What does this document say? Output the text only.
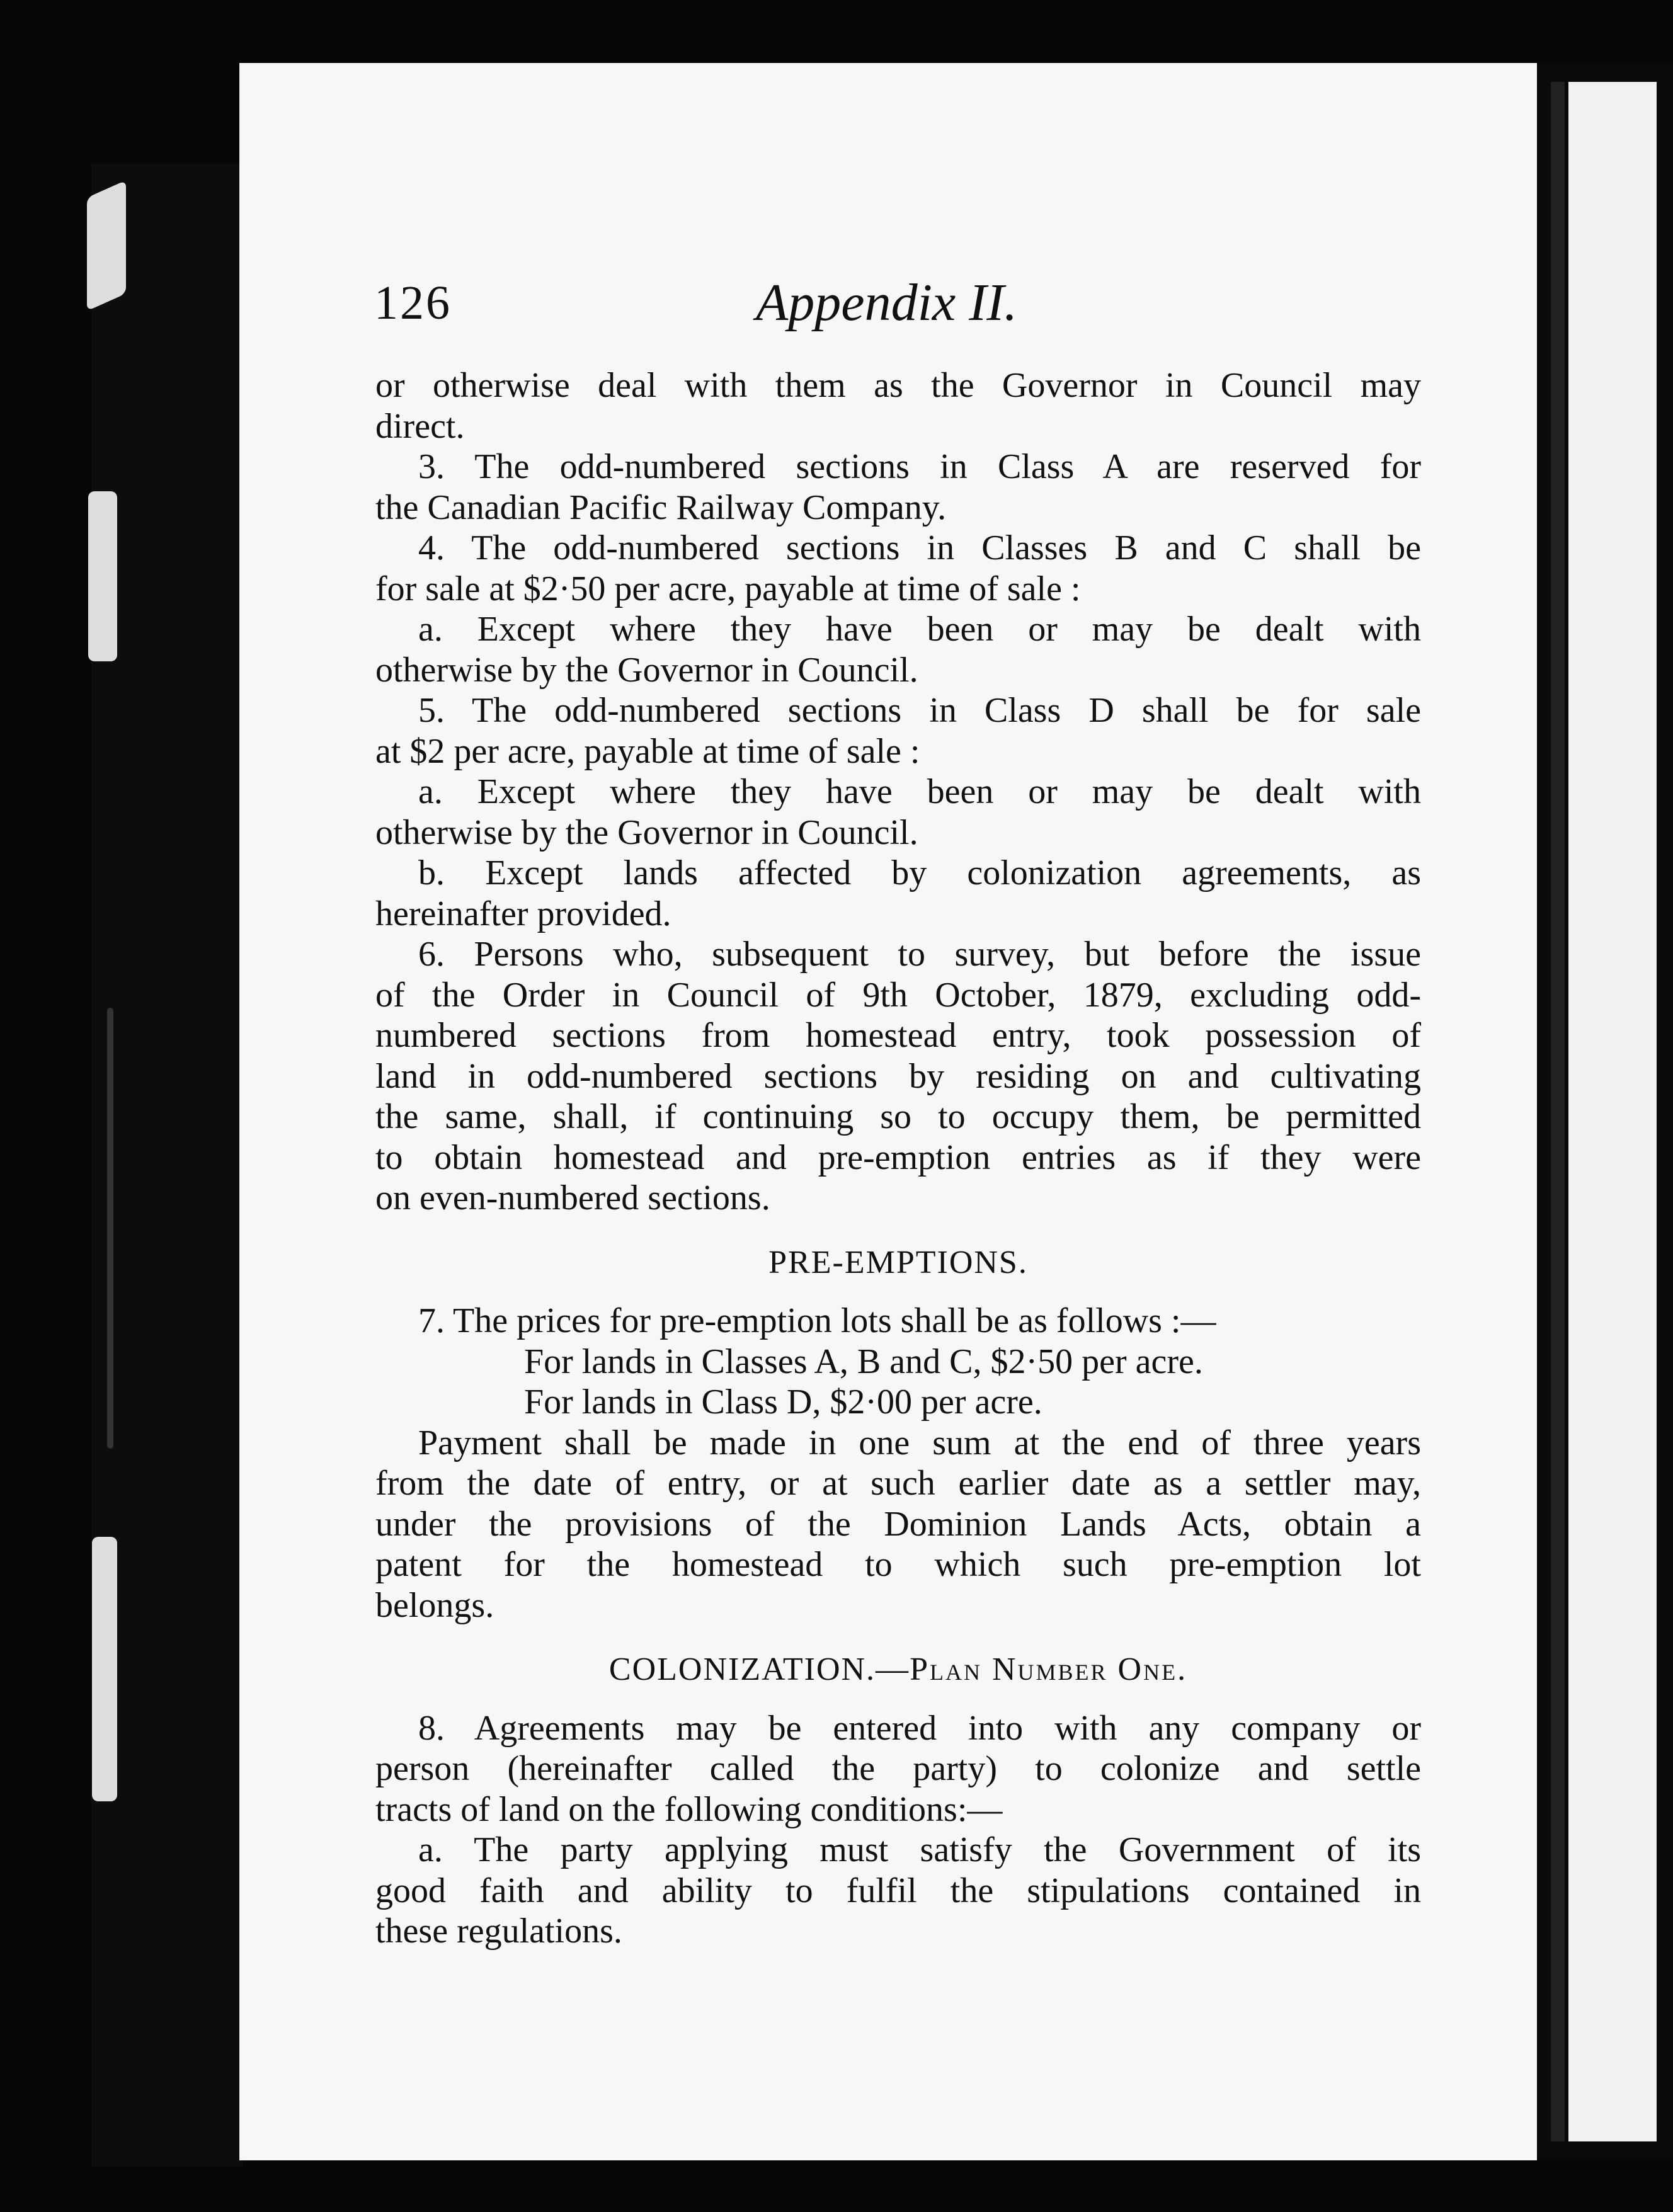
126	Appendix II.

or otherwise deal with them as the Governor in Council may

direct.

3. The odd-numbered sections in Class A are reserved for

the Canadian Pacific Railway Company.

4. The odd-numbered sections in Classes B and C shall be

for sale at $2·50 per acre, payable at time of sale :

a. Except where they have been or may be dealt with

otherwise by the Governor in Council.

5. The odd-numbered sections in Class D shall be for sale

at $2 per acre, payable at time of sale :

a. Except where they have been or may be dealt with

otherwise by the Governor in Council.

b. Except lands affected by colonization agreements, as

hereinafter provided.

6. Persons who, subsequent to survey, but before the issue

of the Order in Council of 9th October, 1879, excluding odd-

numbered sections from homestead entry, took possession of

land in odd-numbered sections by residing on and cultivating

the same, shall, if continuing so to occupy them, be permitted

to obtain homestead and pre-emption entries as if they were

on even-numbered sections.

PRE-EMPTIONS.

7. The prices for pre-emption lots shall be as follows :—

For lands in Classes A, B and C, $2·50 per acre.

For lands in Class D, $2·00 per acre.

Payment shall be made in one sum at the end of three years

from the date of entry, or at such earlier date as a settler may,

under the provisions of the Dominion Lands Acts, obtain a

patent for the homestead to which such pre-emption lot

belongs.

COLONIZATION.—Plan Number One.

8. Agreements may be entered into with any company or

person (hereinafter called the party) to colonize and settle

tracts of land on the following conditions:—

a. The party applying must satisfy the Government of its

good faith and ability to fulfil the stipulations contained in

these regulations.
